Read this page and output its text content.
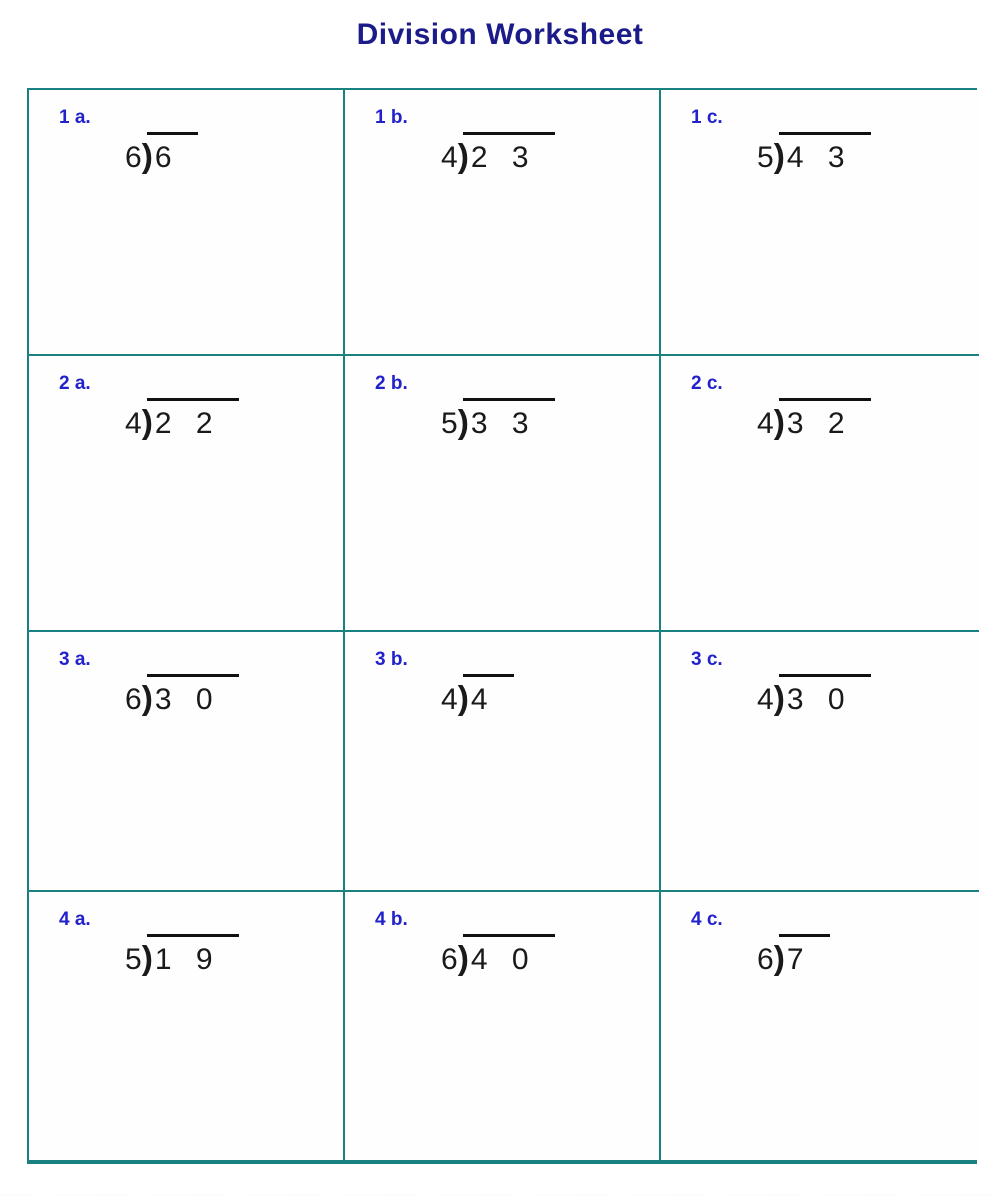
Division Worksheet
1 a.
6)6
1 b.
4)2 3
1 c.
5)4 3
2 a.
4)2 2
2 b.
5)3 3
2 c.
4)3 2
3 a.
6)3 0
3 b.
4)4
3 c.
4)3 0
4 a.
5)1 9
4 b.
6)4 0
4 c.
6)7
